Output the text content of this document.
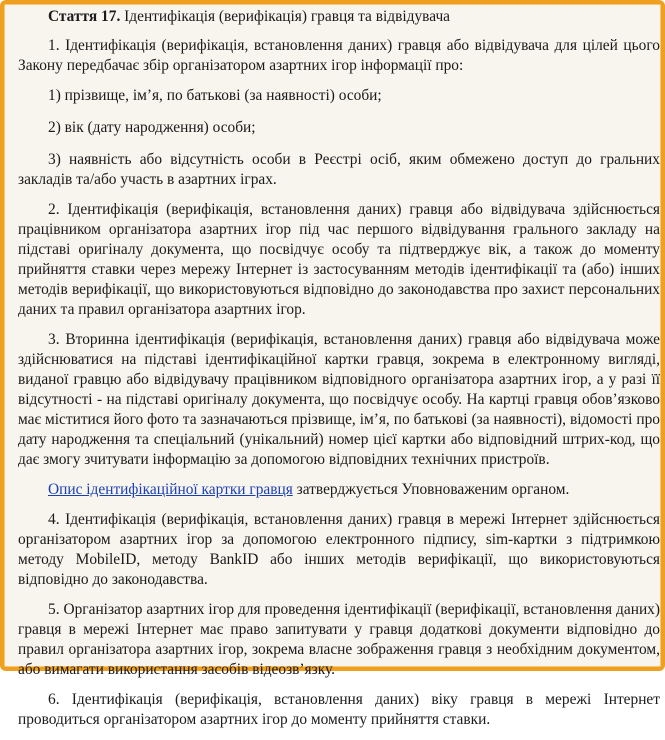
Стаття 17. Ідентифікація (верифікація) гравця та відвідувача

1. Ідентифікація (верифікація, встановлення даних) гравця або відвідувача для цілей цього Закону передбачає збір організатором азартних ігор інформації про:

1) прізвище, ім’я, по батькові (за наявності) особи;

2) вік (дату народження) особи;

3) наявність або відсутність особи в Реєстрі осіб, яким обмежено доступ до гральних закладів та/або участь в азартних іграх.

2. Ідентифікація (верифікація, встановлення даних) гравця або відвідувача здійснюється працівником організатора азартних ігор під час першого відвідування грального закладу на підставі оригіналу документа, що посвідчує особу та підтверджує вік, а також до моменту прийняття ставки через мережу Інтернет із застосуванням методів ідентифікації та (або) інших методів верифікації, що використовуються відповідно до законодавства про захист персональних даних та правил організатора азартних ігор.

3. Вторинна ідентифікація (верифікація, встановлення даних) гравця або відвідувача може здійснюватися на підставі ідентифікаційної картки гравця, зокрема в електронному вигляді, виданої гравцю або відвідувачу працівником відповідного організатора азартних ігор, а у разі її відсутності - на підставі оригіналу документа, що посвідчує особу. На картці гравця обов’язково має міститися його фото та зазначаються прізвище, ім’я, по батькові (за наявності), відомості про дату народження та спеціальний (унікальний) номер цієї картки або відповідний штрих-код, що дає змогу зчитувати інформацію за допомогою відповідних технічних пристроїв.

Опис ідентифікаційної картки гравця затверджується Уповноваженим органом.

4. Ідентифікація (верифікація, встановлення даних) гравця в мережі Інтернет здійснюється організатором азартних ігор за допомогою електронного підпису, sim-картки з підтримкою методу MobileID, методу BankID або інших методів верифікації, що використовуються відповідно до законодавства.

5. Організатор азартних ігор для проведення ідентифікації (верифікації, встановлення даних) гравця в мережі Інтернет має право запитувати у гравця додаткові документи відповідно до правил організатора азартних ігор, зокрема власне зображення гравця з необхідним документом, або вимагати використання засобів відеозв’язку.

6. Ідентифікація (верифікація, встановлення даних) віку гравця в мережі Інтернет проводиться організатором азартних ігор до моменту прийняття ставки.
